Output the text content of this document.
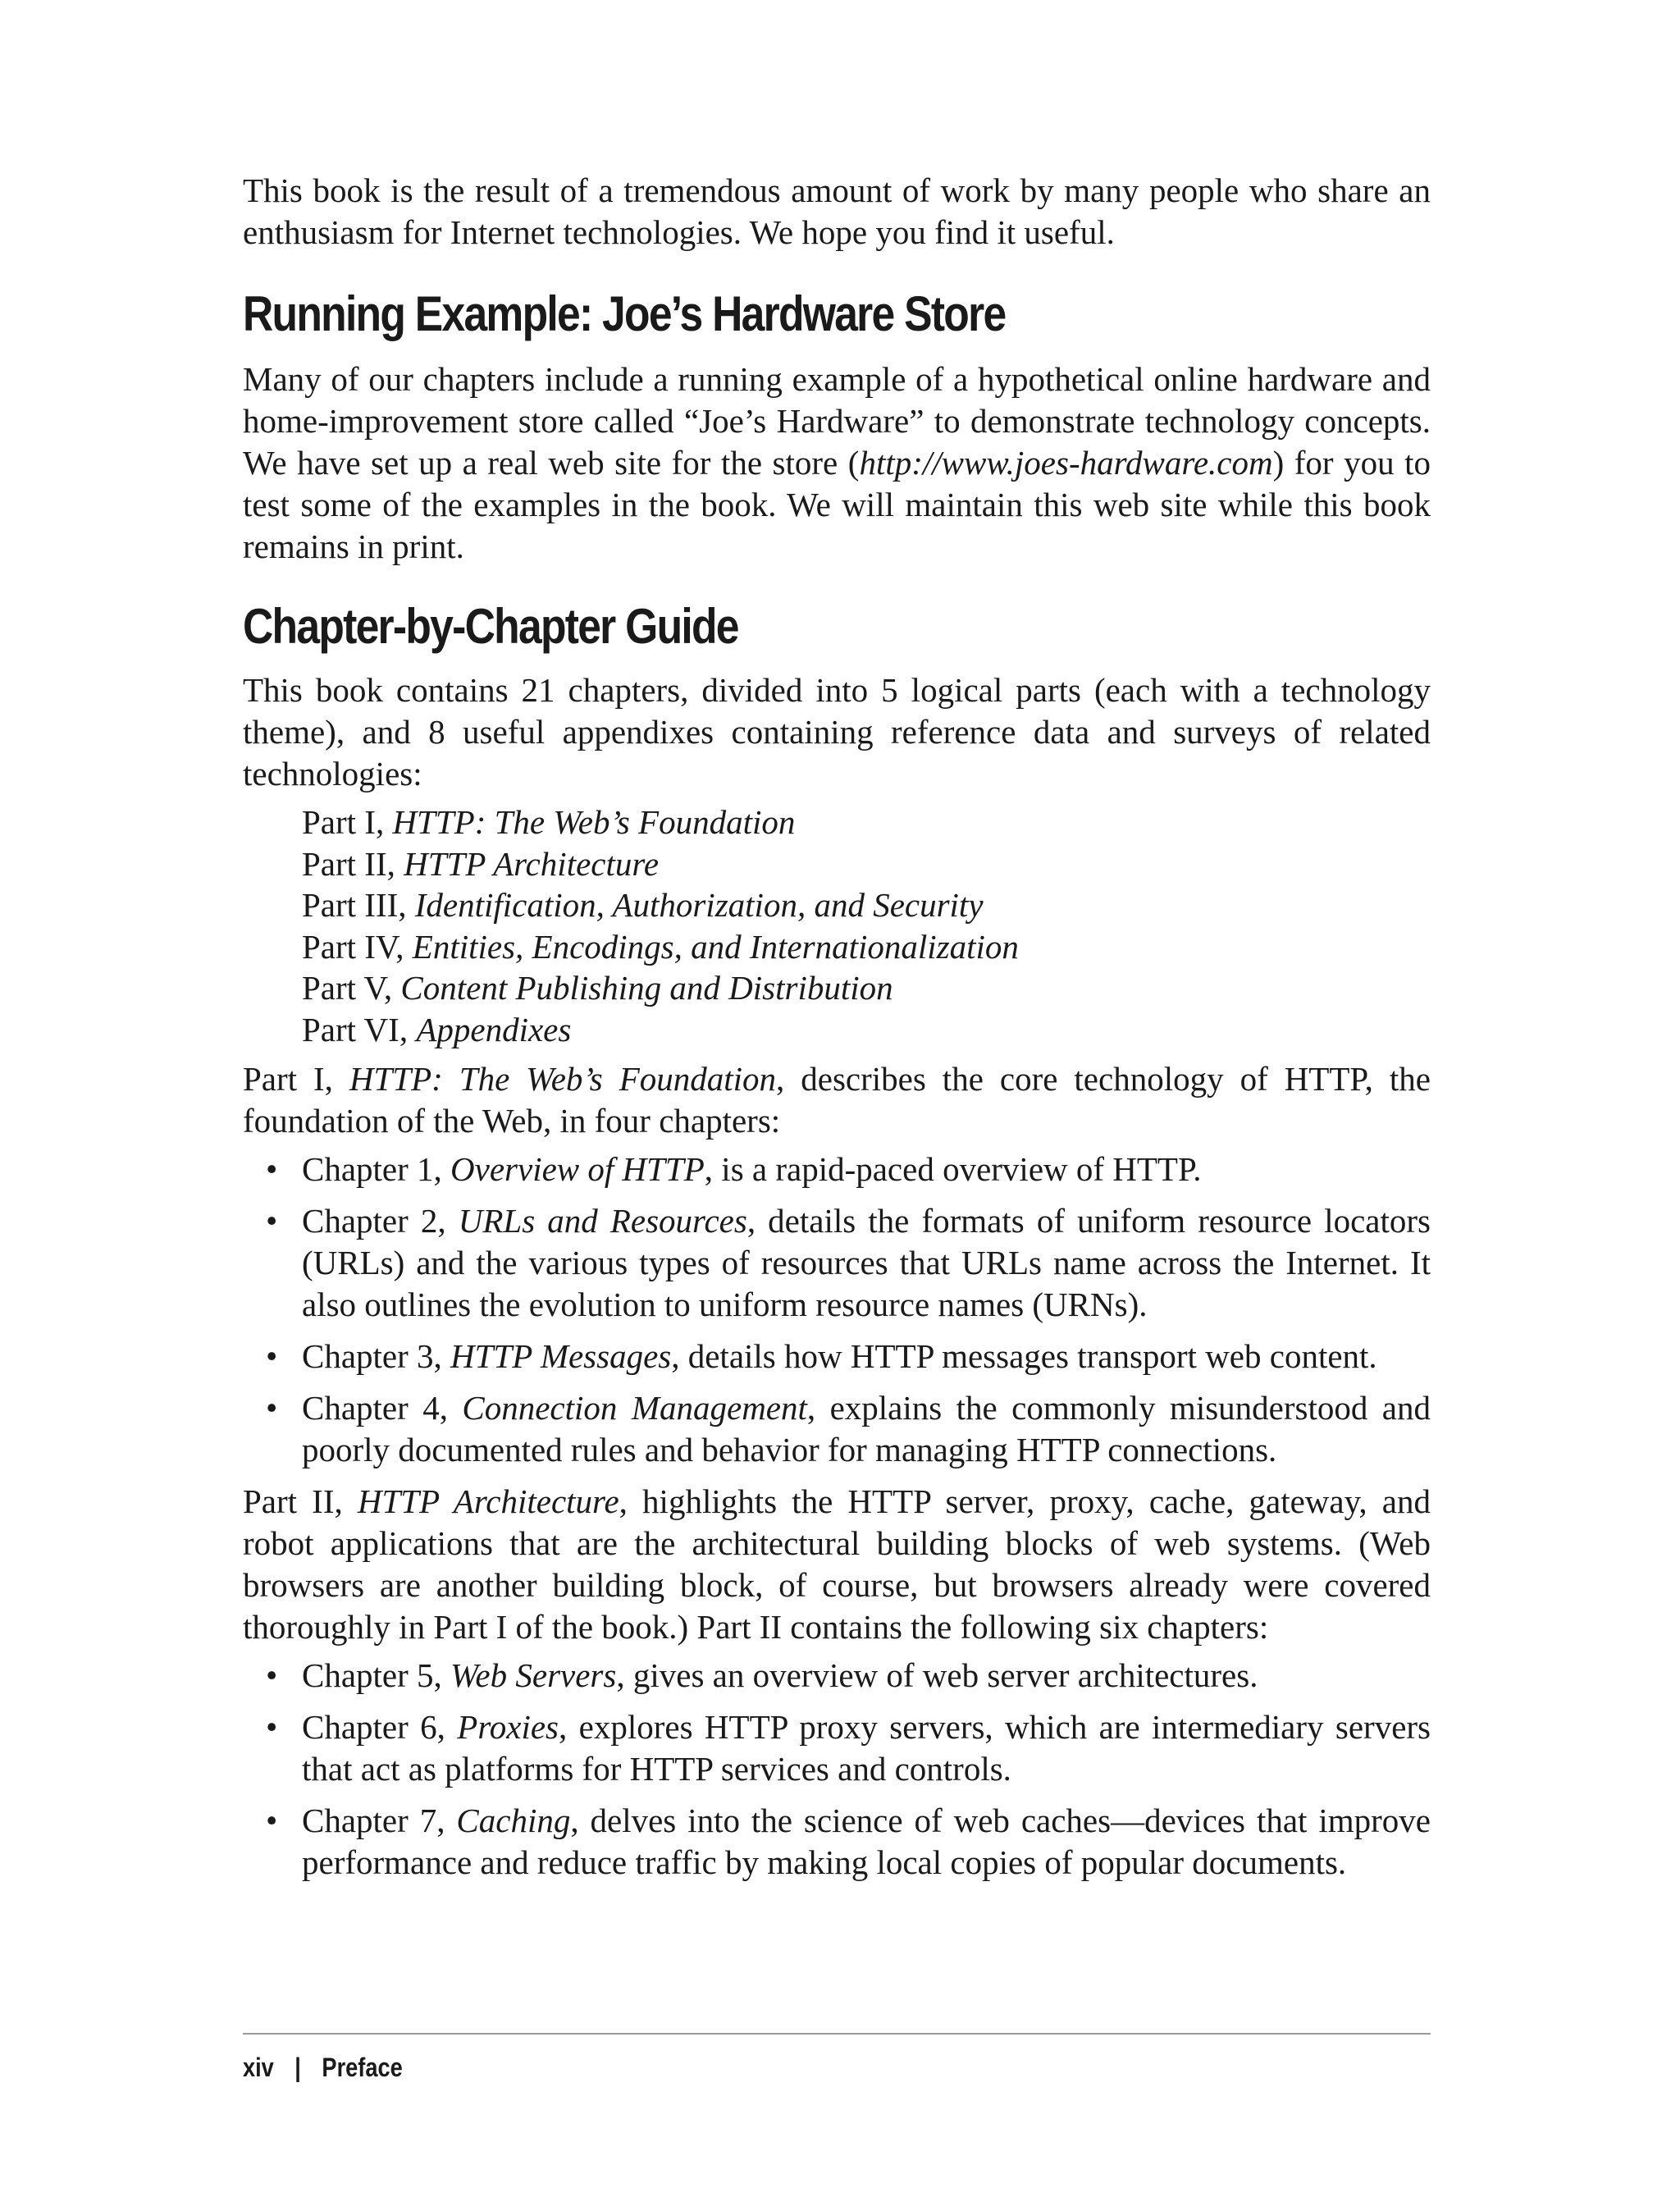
This book is the result of a tremendous amount of work by many people who share an enthusiasm for Internet technologies. We hope you find it useful.

Running Example: Joe’s Hardware Store

Many of our chapters include a running example of a hypothetical online hardware and home-improvement store called “Joe’s Hardware” to demonstrate technology concepts. We have set up a real web site for the store (http://www.joes-hardware.com) for you to test some of the examples in the book. We will maintain this web site while this book remains in print.

Chapter-by-Chapter Guide

This book contains 21 chapters, divided into 5 logical parts (each with a technology theme), and 8 useful appendixes containing reference data and surveys of related technologies:

Part I, HTTP: The Web’s Foundation
Part II, HTTP Architecture
Part III, Identification, Authorization, and Security
Part IV, Entities, Encodings, and Internationalization
Part V, Content Publishing and Distribution
Part VI, Appendixes

Part I, HTTP: The Web’s Foundation, describes the core technology of HTTP, the foundation of the Web, in four chapters:

• Chapter 1, Overview of HTTP, is a rapid-paced overview of HTTP.
• Chapter 2, URLs and Resources, details the formats of uniform resource locators (URLs) and the various types of resources that URLs name across the Internet. It also outlines the evolution to uniform resource names (URNs).
• Chapter 3, HTTP Messages, details how HTTP messages transport web content.
• Chapter 4, Connection Management, explains the commonly misunderstood and poorly documented rules and behavior for managing HTTP connections.

Part II, HTTP Architecture, highlights the HTTP server, proxy, cache, gateway, and robot applications that are the architectural building blocks of web systems. (Web browsers are another building block, of course, but browsers already were covered thoroughly in Part I of the book.) Part II contains the following six chapters:

• Chapter 5, Web Servers, gives an overview of web server architectures.
• Chapter 6, Proxies, explores HTTP proxy servers, which are intermediary servers that act as platforms for HTTP services and controls.
• Chapter 7, Caching, delves into the science of web caches—devices that improve performance and reduce traffic by making local copies of popular documents.
xiv | Preface
